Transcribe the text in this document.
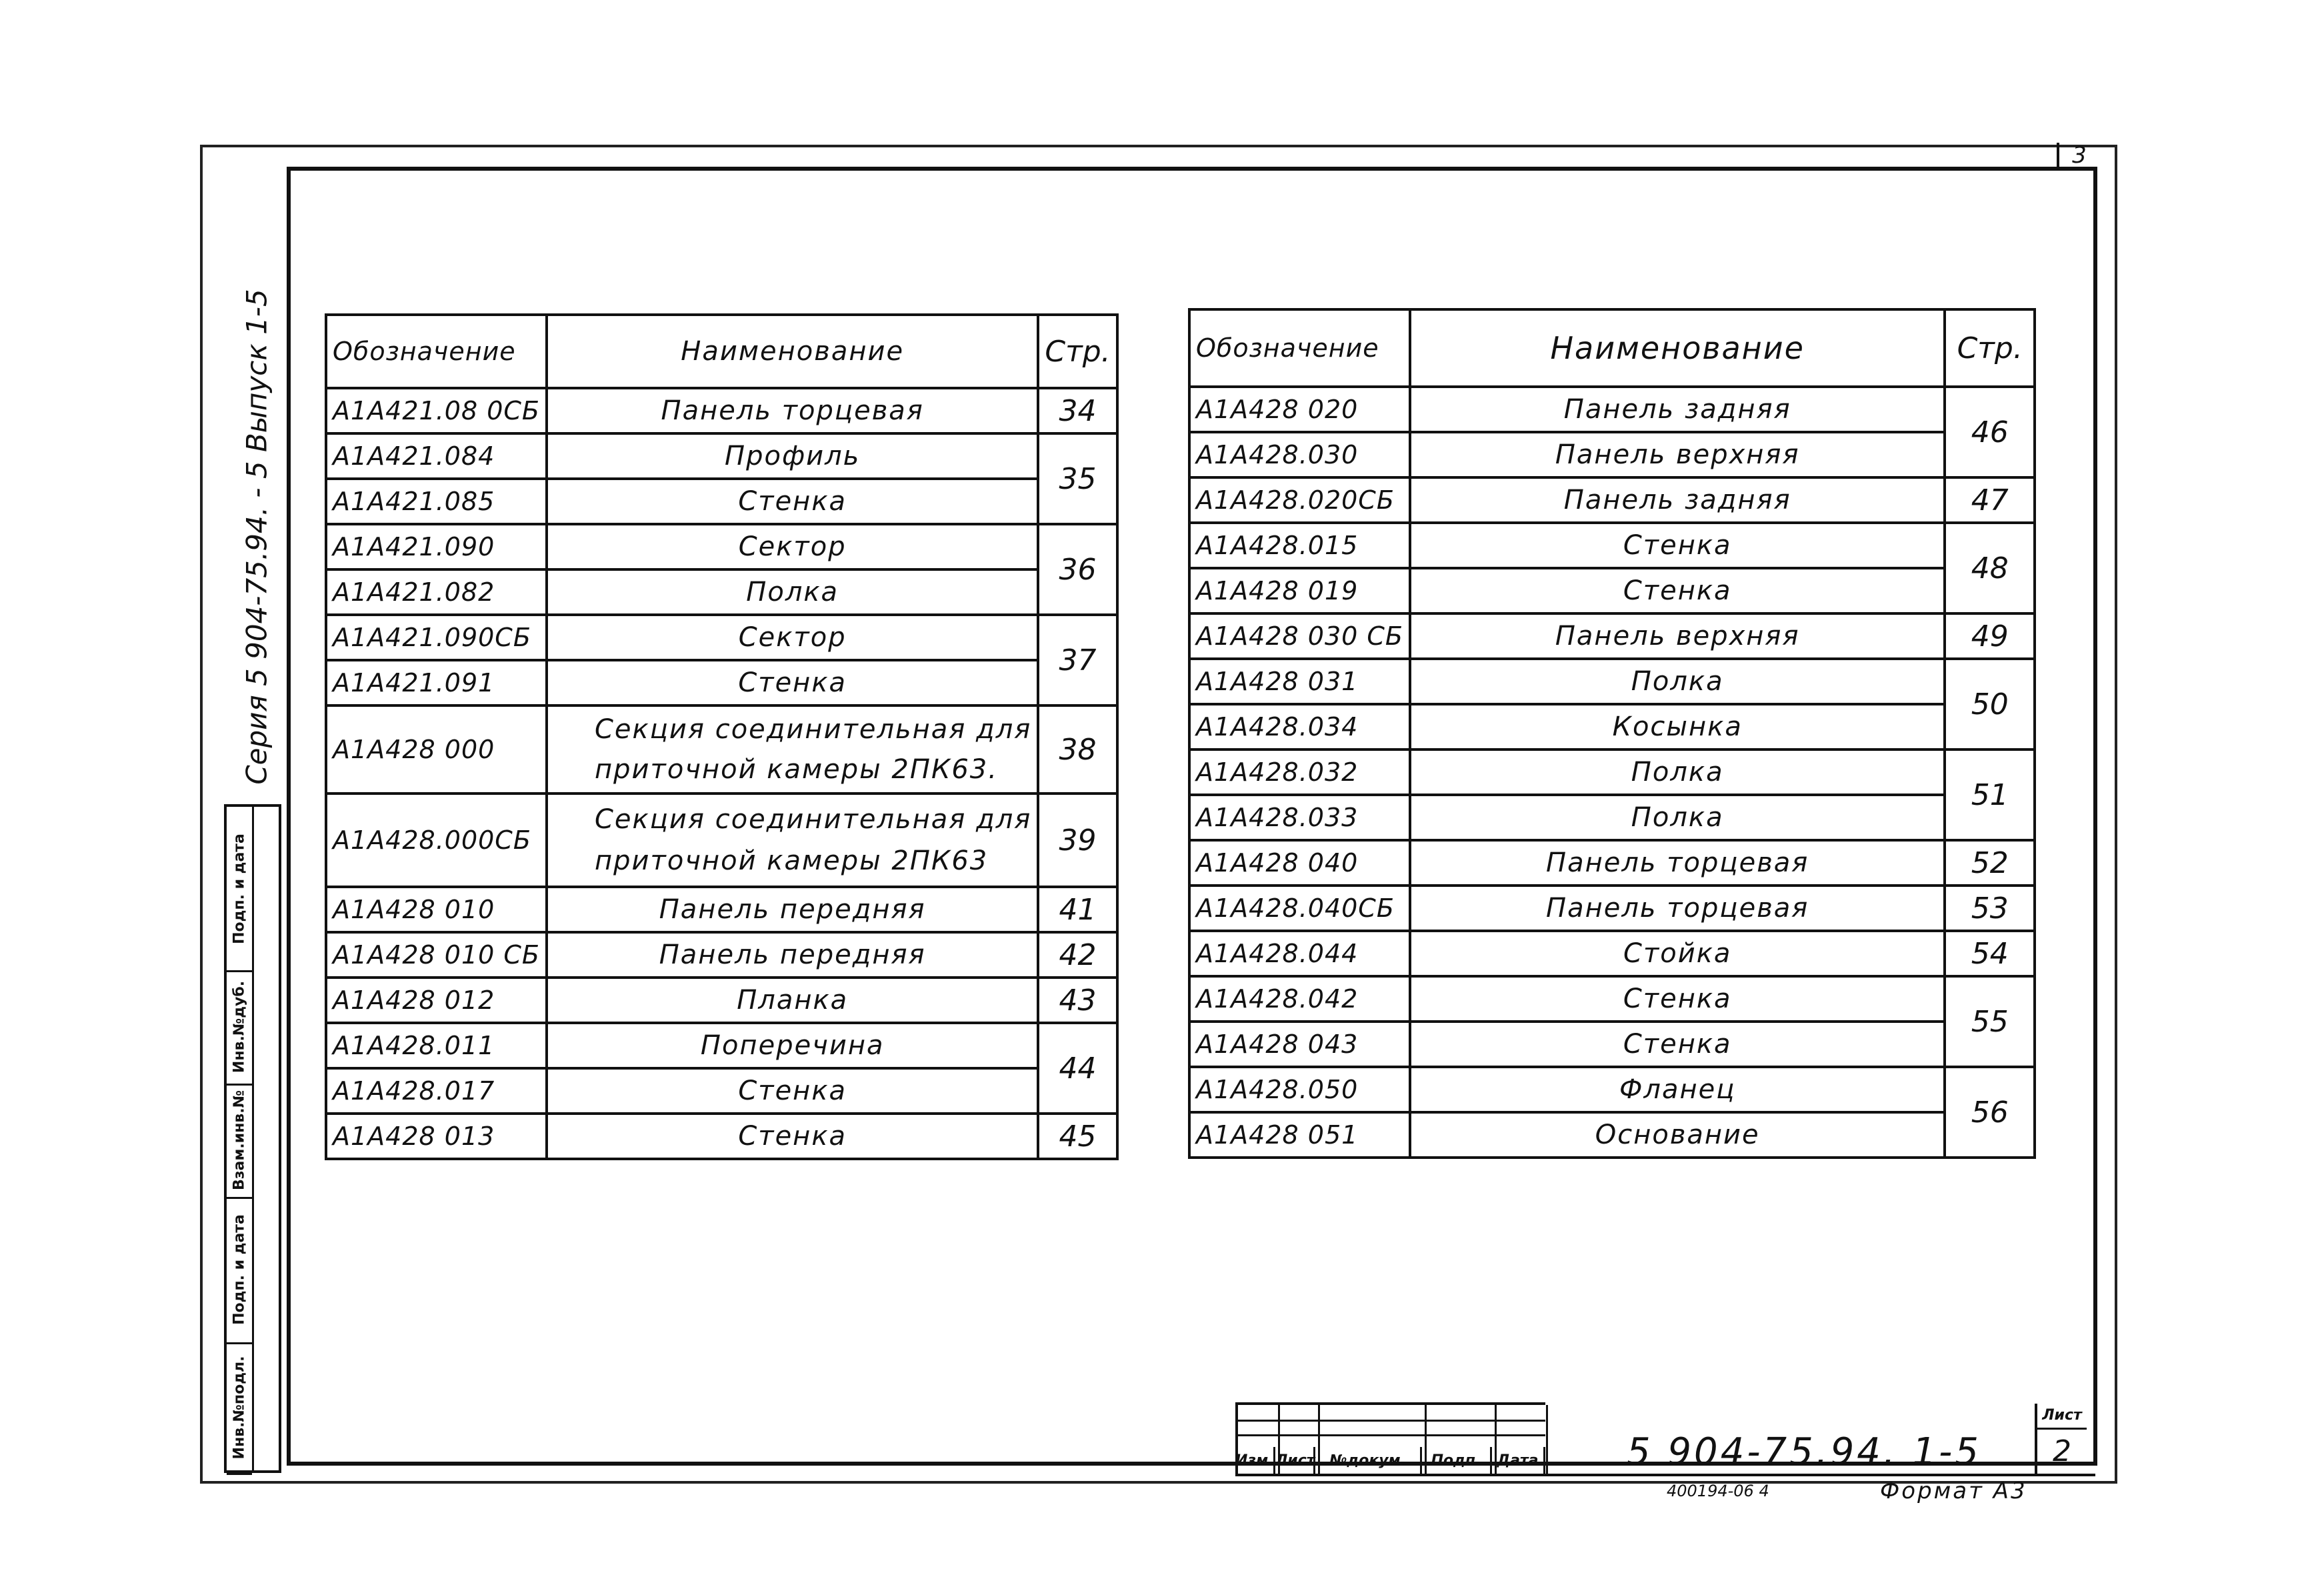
3
Серия 5 904-75.94. - 5 Выпуск 1-5
Инв.№подл.
Подп. и дата
Взам.инв.№
Инв.№дуб.
Подп. и дата
Обозначение	Наименование	Стр.
А1А421.08 0СБ	Панель торцевая	34
А1А421.084	Профиль	35
А1А421.085	Стенка	
А1А421.090	Сектор	36
А1А421.082	Полка	
А1А421.090СБ	Сектор	37
А1А421.091	Стенка	
А1А428 000	Секция соединительная для
приточной камеры 2ПК63.	38
А1А428.000СБ	Секция соединительная для
приточной камеры 2ПК63	39
А1А428 010	Панель передняя	41
А1А428 010 СБ	Панель передняя	42
А1А428 012	Планка	43
А1А428.011	Поперечина	44
А1А428.017	Стенка	
А1А428 013	Стенка	45
Обозначение	Наименование	Стр.
А1А428 020	Панель задняя	46
А1А428.030	Панель верхняя	
А1А428.020СБ	Панель задняя	47
А1А428.015	Стенка	48
А1А428 019	Стенка	
А1А428 030 СБ	Панель верхняя	49
А1А428 031	Полка	50
А1А428.034	Косынка	
А1А428.032	Полка	51
А1А428.033	Полка	
А1А428 040	Панель торцевая	52
А1А428.040СБ	Панель торцевая	53
А1А428.044	Стойка	54
А1А428.042	Стенка	55
А1А428 043	Стенка	
А1А428.050	Фланец	56
А1А428 051	Основание	
Изм. Лист №докум.	Подп.	Дата 5 904-75.94. 1-5
Лист
2
400194-06 4	Формат А3
